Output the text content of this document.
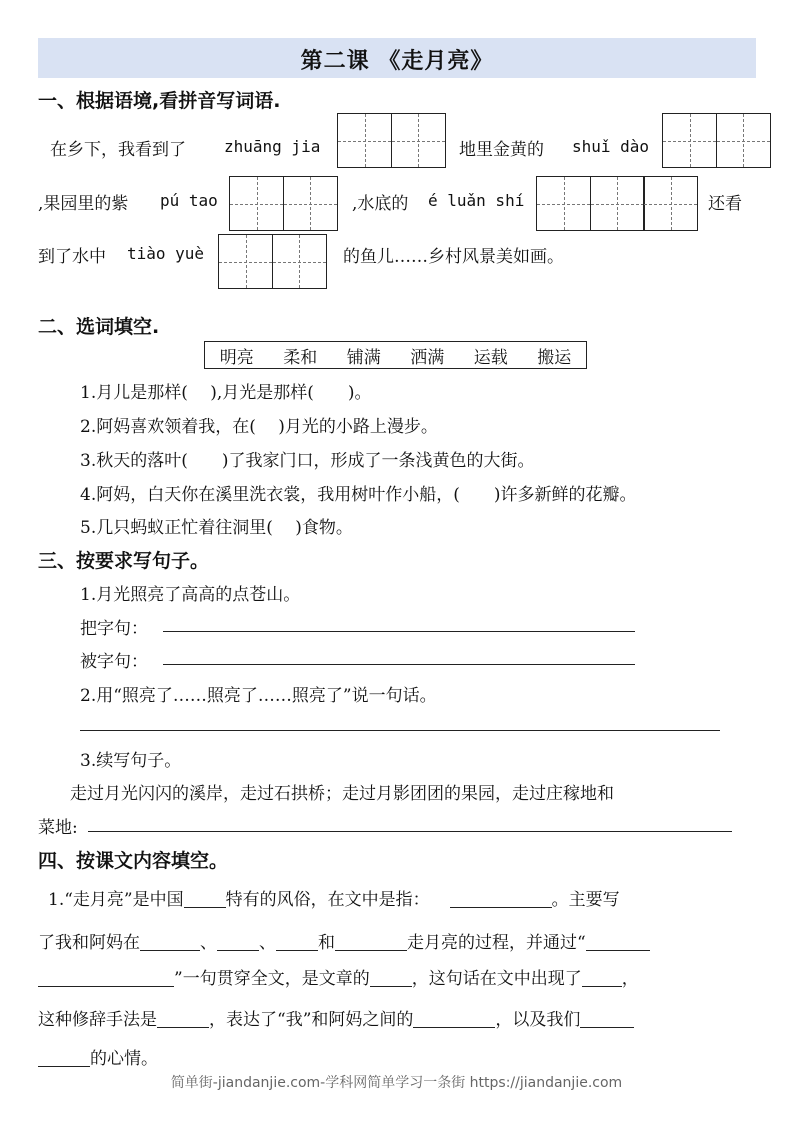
第二课 《走月亮》
一、根据语境,看拼音写词语.
在乡下，我看到了 zhuāng jia	地里金黄的 shuǐ dào
,果园里的紫 pú tao	,水底的 é luǎn shí	还看
到了水中 tiào yuè	的鱼儿……乡村风景美如画。
二、选词填空.
明亮 柔和 铺满 洒满 运载 搬运
1.月儿是那样(　 ),月光是那样(　　)。
2.阿妈喜欢领着我，在(　 )月光的小路上漫步。
3.秋天的落叶(　　)了我家门口，形成了一条浅黄色的大街。
4.阿妈，白天你在溪里洗衣裳，我用树叶作小船，(　　)许多新鲜的花瓣。
5.几只蚂蚁正忙着往洞里(　 )食物。
三、按要求写句子。
1.月光照亮了高高的点苍山。
把字句：
被字句：
2.用“照亮了……照亮了……照亮了”说一句话。
3.续写句子。
走过月光闪闪的溪岸，走过石拱桥；走过月影团团的果园，走过庄稼地和
菜地:
四、按课文内容填空。
1.“走月亮”是中国 特有的风俗，在文中是指：	。主要写
了我和阿妈在	、 、 和	走月亮的过程，并通过“
”一句贯穿全文，是文章的 ，这句话在文中出现了 ，
这种修辞手法是	，表达了“我”和阿妈之间的	，以及我们
的心情。
简单街-jiandanjie.com-学科网简单学习一条街 https://jiandanjie.com
